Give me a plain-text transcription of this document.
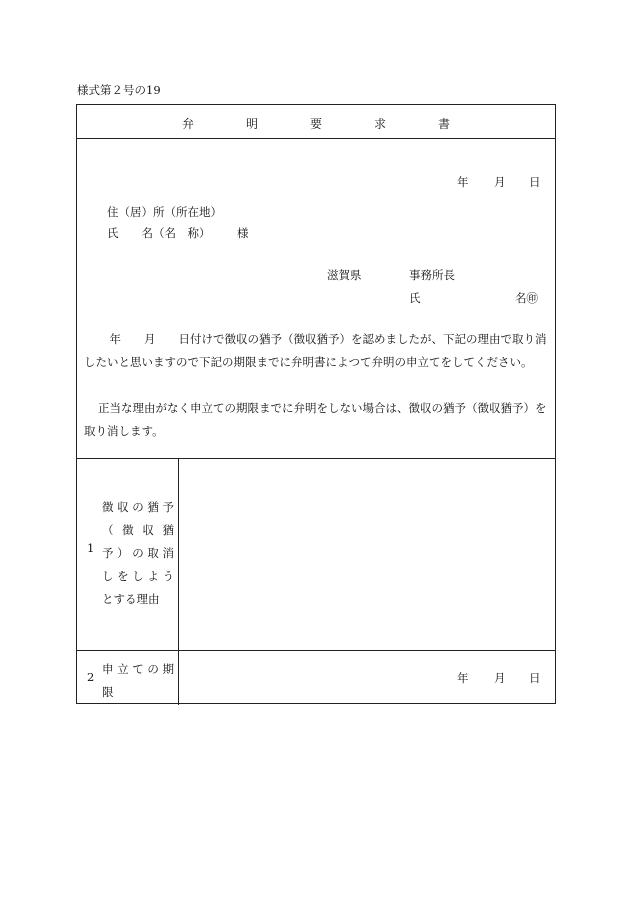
様式第２号の19
弁　明　要　求　書
年 月 日
住（居）所（所在地）
氏　　名（名　称） 様
滋賀県	事務所長
氏	名㊞
　年　　月　　日付けで徴収の猶予（徴収猶予）を認めましたが、下記の理由で取り消したいと思いますので下記の期限までに弁明書によつて弁明の申立てをしてください。
正当な理由がなく申立ての期限までに弁明をしない場合は、徴収の猶予（徴収猶予）を取り消します。
1
徴収の猶予
（徴収猶
予）の取消
しをしよう
とする理由
2
申立ての期
限
年 月 日
